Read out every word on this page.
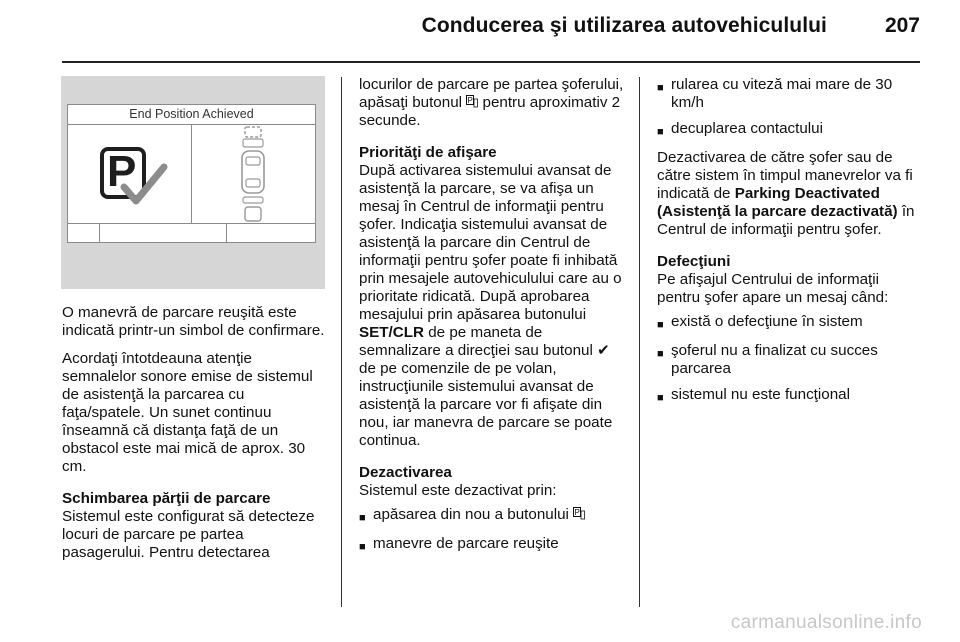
Conducerea şi utilizarea autovehiculului	207
End Position Achieved
P

O manevră de parcare reuşită este indicată printr-un simbol de confirmare.

Acordaţi întotdeauna atenţie semnalelor sonore emise de sistemul de asistenţă la parcarea cu faţa/spatele. Un sunet continuu înseamnă că distanţa faţă de un obstacol este mai mică de aprox. 30 cm.

Schimbarea părţii de parcare

Sistemul este configurat să detecteze locuri de parcare pe partea pasagerului. Pentru detectarea

locurilor de parcare pe partea şoferului, apăsaţi butonul P pentru aproximativ 2 secunde.

Priorităţi de afişare

După activarea sistemului avansat de asistenţă la parcare, se va afişa un mesaj în Centrul de informaţii pentru şofer. Indicaţia sistemului avansat de asistenţă la parcare din Centrul de informaţii pentru şofer poate fi inhibată prin mesajele autovehiculului care au o prioritate ridicată. După aprobarea mesajului prin apăsarea butonului SET/CLR de pe maneta de semnalizare a direcţiei sau butonul ✔ de pe comenzile de pe volan, instrucţiunile sistemului avansat de asistenţă la parcare vor fi afişate din nou, iar manevra de parcare se poate continua.

Dezactivarea

Sistemul este dezactivat prin:

■ apăsarea din nou a butonului P
■ manevre de parcare reuşite
■ rularea cu viteză mai mare de 30 km/h
■ decuplarea contactului

Dezactivarea de către şofer sau de către sistem în timpul manevrelor va fi indicată de Parking Deactivated (Asistenţă la parcare dezactivată) în Centrul de informaţii pentru şofer.

Defecţiuni

Pe afişajul Centrului de informaţii pentru şofer apare un mesaj când:

■ există o defecţiune în sistem
■ şoferul nu a finalizat cu succes parcarea
■ sistemul nu este funcţional
carmanualsonline.info
